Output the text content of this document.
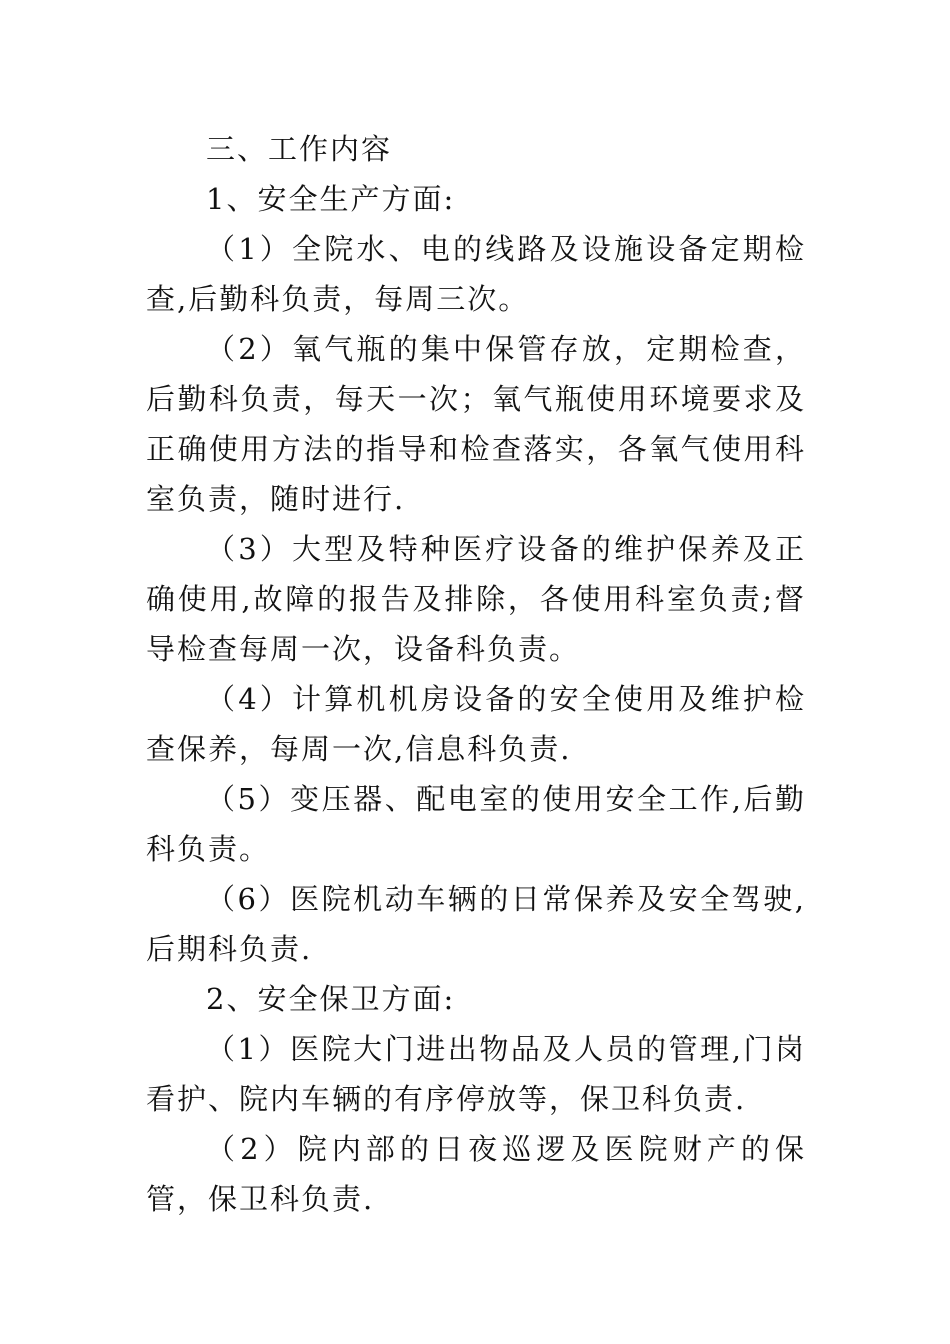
三、工作内容

1、安全生产方面:

（1）全院水、电的线路及设施设备定期检查,后勤科负责，每周三次。

（2）氧气瓶的集中保管存放，定期检查，后勤科负责，每天一次；氧气瓶使用环境要求及正确使用方法的指导和检查落实，各氧气使用科室负责，随时进行.

（3）大型及特种医疗设备的维护保养及正确使用,故障的报告及排除，各使用科室负责;督导检查每周一次，设备科负责。

（4）计算机机房设备的安全使用及维护检查保养，每周一次,信息科负责.

（5）变压器、配电室的使用安全工作,后勤科负责。

（6）医院机动车辆的日常保养及安全驾驶,后期科负责.

2、安全保卫方面:

（1）医院大门进出物品及人员的管理,门岗看护、院内车辆的有序停放等，保卫科负责.

（2）院内部的日夜巡逻及医院财产的保管，保卫科负责.
